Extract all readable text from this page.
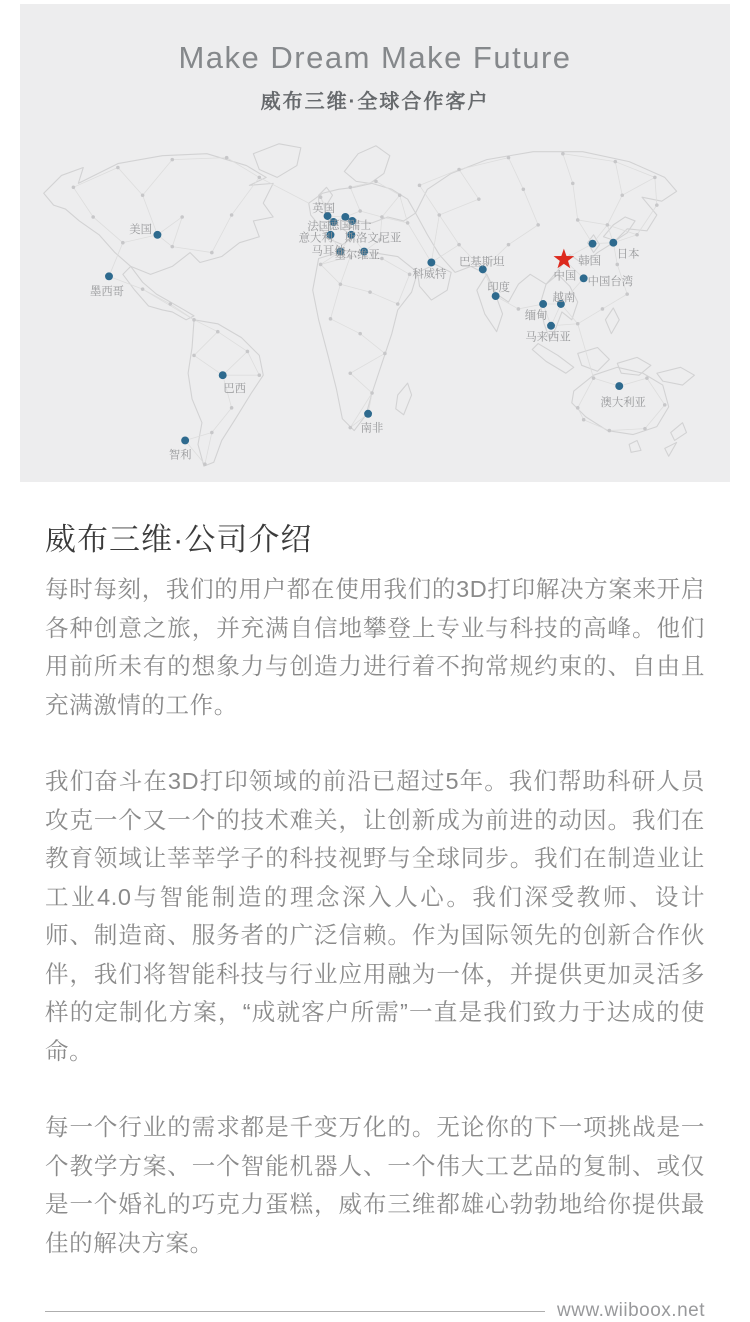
Make Dream Make Future
威布三维·全球合作客户
美国
墨西哥
英国
法国
德国
瑞士
意大利 斯洛文尼亚
马耳他
塞尔维亚
科威特
巴基斯坦
印度
中国
韩国
日本
中国台湾
越南
缅甸
马来西亚
巴西
智利
南非
澳大利亚
威布三维·公司介绍

每时每刻，我们的用户都在使用我们的3D打印解决方案来开启各种创意之旅，并充满自信地攀登上专业与科技的高峰。他们用前所未有的想象力与创造力进行着不拘常规约束的、自由且充满激情的工作。

我们奋斗在3D打印领域的前沿已超过5年。我们帮助科研人员攻克一个又一个的技术难关，让创新成为前进的动因。我们在教育领域让莘莘学子的科技视野与全球同步。我们在制造业让工业4.0与智能制造的理念深入人心。我们深受教师、设计师、制造商、服务者的广泛信赖。作为国际领先的创新合作伙伴，我们将智能科技与行业应用融为一体，并提供更加灵活多样的定制化方案，“成就客户所需”一直是我们致力于达成的使命。

每一个行业的需求都是千变万化的。无论你的下一项挑战是一个教学方案、一个智能机器人、一个伟大工艺品的复制、或仅是一个婚礼的巧克力蛋糕，威布三维都雄心勃勃地给你提供最佳的解决方案。

www.wiiboox.net
